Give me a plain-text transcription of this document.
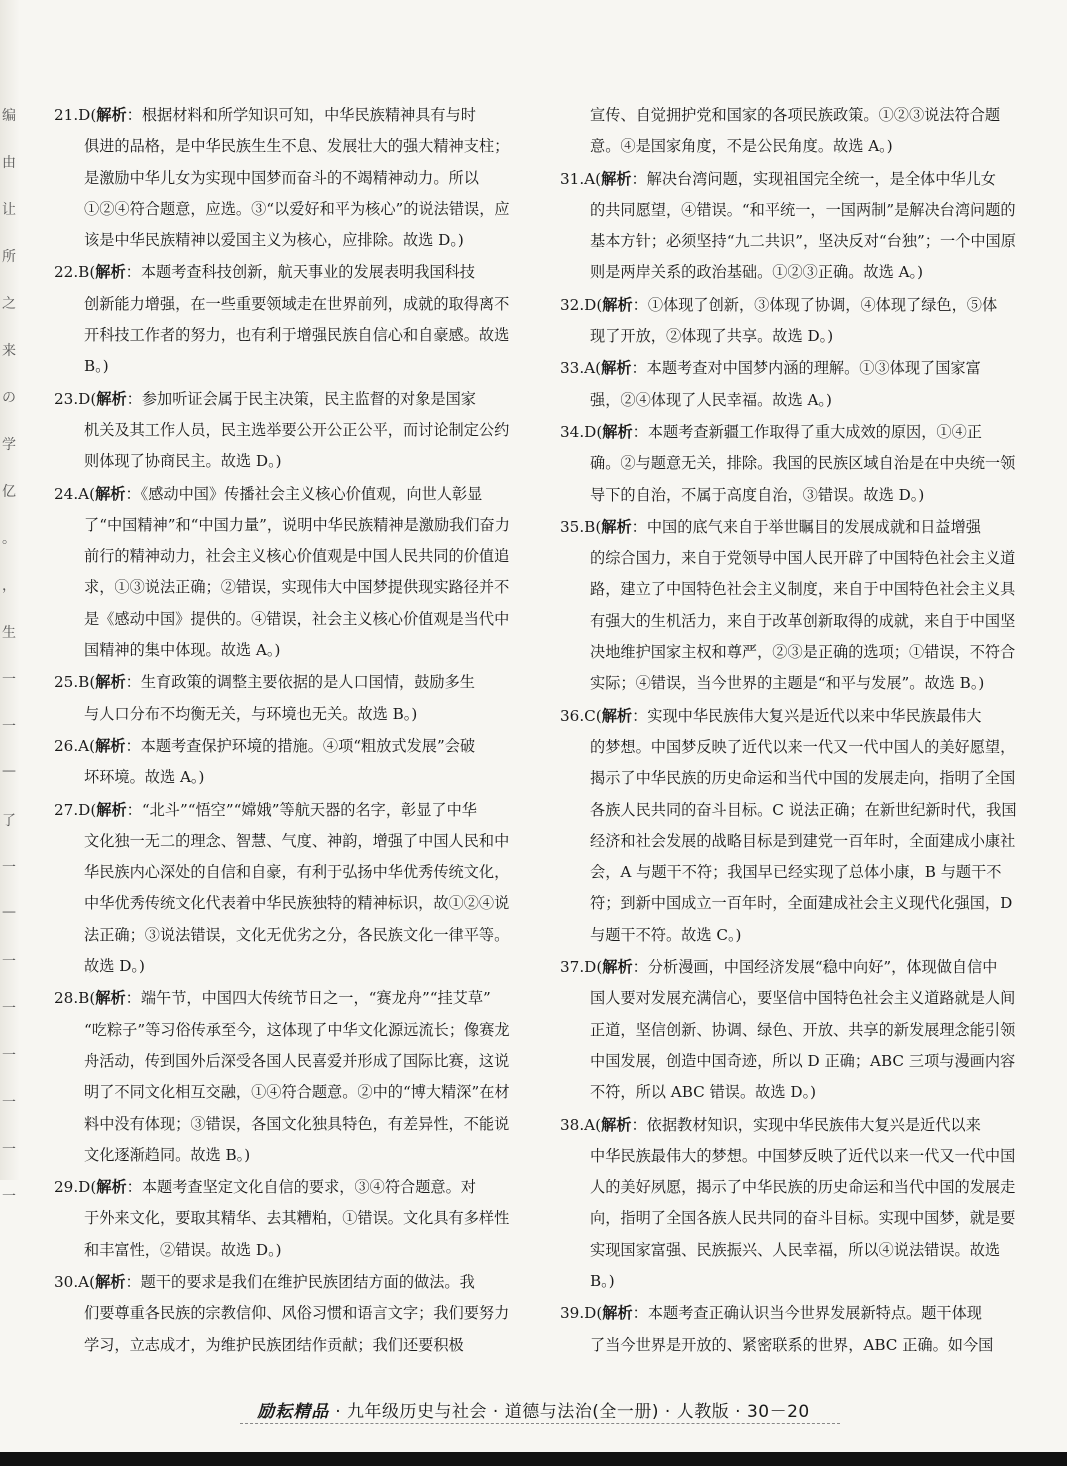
编
由
让
所
之
来
の
学
亿
。
，
生
一
一
—
了
一
—
一
一
一
一
一
一
21.D(解析：根据材料和所学知识可知，中华民族精神具有与时
俱进的品格，是中华民族生生不息、发展壮大的强大精神支柱；是激励中华儿女为实现中国梦而奋斗的不竭精神动力。所以①②④符合题意，应选。③“以爱好和平为核心”的说法错误，应该是中华民族精神以爱国主义为核心，应排除。故选 D。)
22.B(解析：本题考查科技创新，航天事业的发展表明我国科技
创新能力增强，在一些重要领域走在世界前列，成就的取得离不开科技工作者的努力，也有利于增强民族自信心和自豪感。故选 B。)
23.D(解析：参加听证会属于民主决策，民主监督的对象是国家
机关及其工作人员，民主选举要公开公正公平，而讨论制定公约则体现了协商民主。故选 D。)
24.A(解析：《感动中国》传播社会主义核心价值观，向世人彰显
了“中国精神”和“中国力量”，说明中华民族精神是激励我们奋力前行的精神动力，社会主义核心价值观是中国人民共同的价值追求，①③说法正确；②错误，实现伟大中国梦提供现实路径并不是《感动中国》提供的。④错误，社会主义核心价值观是当代中国精神的集中体现。故选 A。)
25.B(解析：生育政策的调整主要依据的是人口国情，鼓励多生
与人口分布不均衡无关，与环境也无关。故选 B。)
26.A(解析：本题考查保护环境的措施。④项“粗放式发展”会破
坏环境。故选 A。)
27.D(解析：“北斗”“悟空”“嫦娥”等航天器的名字，彰显了中华
文化独一无二的理念、智慧、气度、神韵，增强了中国人民和中华民族内心深处的自信和自豪，有利于弘扬中华优秀传统文化，中华优秀传统文化代表着中华民族独特的精神标识，故①②④说法正确；③说法错误，文化无优劣之分，各民族文化一律平等。故选 D。)
28.B(解析：端午节，中国四大传统节日之一，“赛龙舟”“挂艾草”
“吃粽子”等习俗传承至今，这体现了中华文化源远流长；像赛龙舟活动，传到国外后深受各国人民喜爱并形成了国际比赛，这说明了不同文化相互交融，①④符合题意。②中的“博大精深”在材料中没有体现；③错误，各国文化独具特色，有差异性，不能说文化逐渐趋同。故选 B。)
29.D(解析：本题考查坚定文化自信的要求，③④符合题意。对
于外来文化，要取其精华、去其糟粕，①错误。文化具有多样性和丰富性，②错误。故选 D。)
30.A(解析：题干的要求是我们在维护民族团结方面的做法。我
们要尊重各民族的宗教信仰、风俗习惯和语言文字；我们要努力学习，立志成才，为维护民族团结作贡献；我们还要积极
宣传、自觉拥护党和国家的各项民族政策。①②③说法符合题意。④是国家角度，不是公民角度。故选 A。)
31.A(解析：解决台湾问题，实现祖国完全统一，是全体中华儿女
的共同愿望，④错误。“和平统一，一国两制”是解决台湾问题的基本方针；必须坚持“九二共识”，坚决反对“台独”；一个中国原则是两岸关系的政治基础。①②③正确。故选 A。)
32.D(解析：①体现了创新，③体现了协调，④体现了绿色，⑤体
现了开放，②体现了共享。故选 D。)
33.A(解析：本题考查对中国梦内涵的理解。①③体现了国家富
强，②④体现了人民幸福。故选 A。)
34.D(解析：本题考查新疆工作取得了重大成效的原因，①④正
确。②与题意无关，排除。我国的民族区域自治是在中央统一领导下的自治，不属于高度自治，③错误。故选 D。)
35.B(解析：中国的底气来自于举世瞩目的发展成就和日益增强
的综合国力，来自于党领导中国人民开辟了中国特色社会主义道路，建立了中国特色社会主义制度，来自于中国特色社会主义具有强大的生机活力，来自于改革创新取得的成就，来自于中国坚决地维护国家主权和尊严，②③是正确的选项；①错误，不符合实际；④错误，当今世界的主题是“和平与发展”。故选 B。)
36.C(解析：实现中华民族伟大复兴是近代以来中华民族最伟大
的梦想。中国梦反映了近代以来一代又一代中国人的美好愿望，揭示了中华民族的历史命运和当代中国的发展走向，指明了全国各族人民共同的奋斗目标。C 说法正确；在新世纪新时代，我国经济和社会发展的战略目标是到建党一百年时，全面建成小康社会，A 与题干不符；我国早已经实现了总体小康，B 与题干不符；到新中国成立一百年时，全面建成社会主义现代化强国，D 与题干不符。故选 C。)
37.D(解析：分析漫画，中国经济发展“稳中向好”，体现做自信中
国人要对发展充满信心，要坚信中国特色社会主义道路就是人间正道，坚信创新、协调、绿色、开放、共享的新发展理念能引领中国发展，创造中国奇迹，所以 D 正确；ABC 三项与漫画内容不符，所以 ABC 错误。故选 D。)
38.A(解析：依据教材知识，实现中华民族伟大复兴是近代以来
中华民族最伟大的梦想。中国梦反映了近代以来一代又一代中国人的美好夙愿，揭示了中华民族的历史命运和当代中国的发展走向，指明了全国各族人民共同的奋斗目标。实现中国梦，就是要实现国家富强、民族振兴、人民幸福，所以④说法错误。故选 B。)
39.D(解析：本题考查正确认识当今世界发展新特点。题干体现
了当今世界是开放的、紧密联系的世界，ABC 正确。如今国
励耘精品 · 九年级历史与社会 · 道德与法治(全一册) · 人教版 · 30－20
